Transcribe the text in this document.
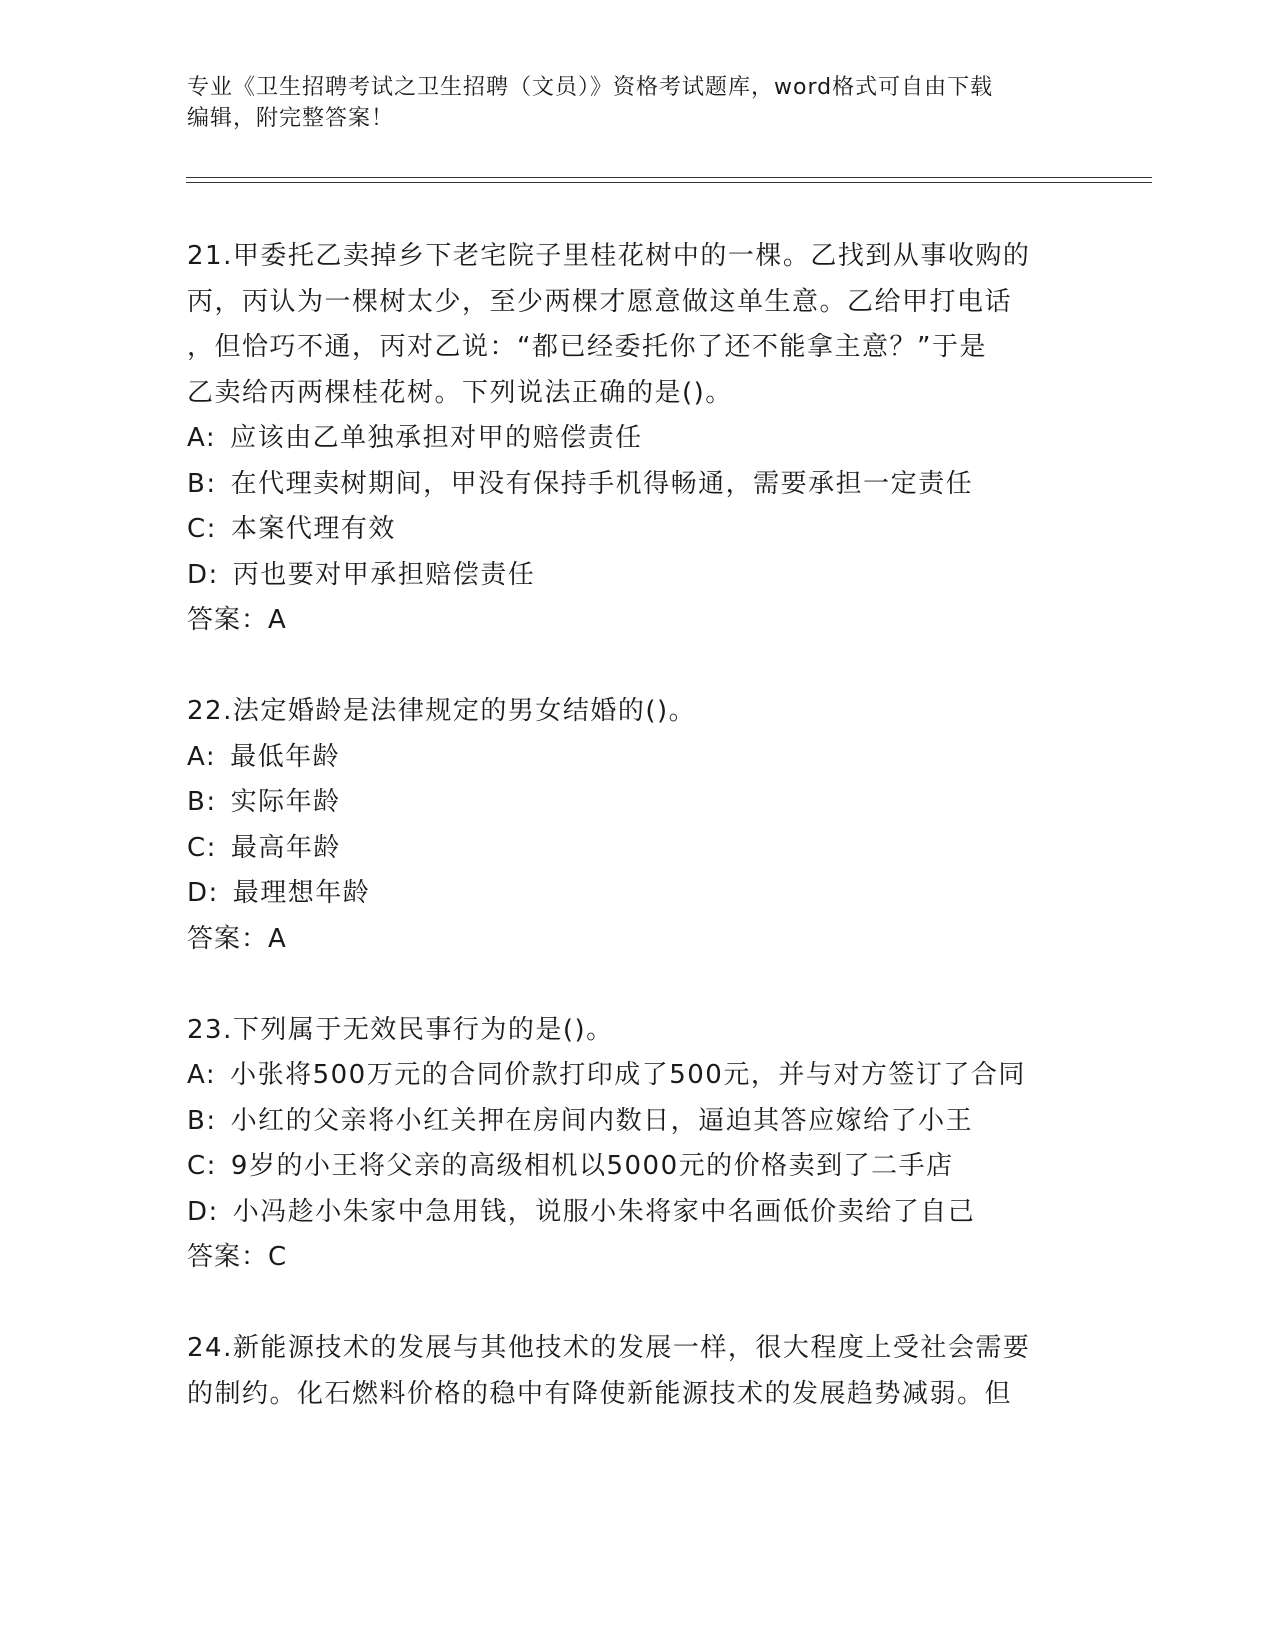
专业《卫生招聘考试之卫生招聘（文员）》资格考试题库，word格式可自由下载
编辑，附完整答案！
21.甲委托乙卖掉乡下老宅院子里桂花树中的一棵。乙找到从事收购的
丙，丙认为一棵树太少，至少两棵才愿意做这单生意。乙给甲打电话
，但恰巧不通，丙对乙说：“都已经委托你了还不能拿主意？”于是
乙卖给丙两棵桂花树。下列说法正确的是()。
A: 应该由乙单独承担对甲的赔偿责任
B: 在代理卖树期间，甲没有保持手机得畅通，需要承担一定责任
C: 本案代理有效
D: 丙也要对甲承担赔偿责任
答案：A
22.法定婚龄是法律规定的男女结婚的()。
A: 最低年龄
B: 实际年龄
C: 最高年龄
D: 最理想年龄
答案：A
23.下列属于无效民事行为的是()。
A: 小张将500万元的合同价款打印成了500元，并与对方签订了合同
B: 小红的父亲将小红关押在房间内数日，逼迫其答应嫁给了小王
C: 9岁的小王将父亲的高级相机以5000元的价格卖到了二手店
D: 小冯趁小朱家中急用钱，说服小朱将家中名画低价卖给了自己
答案：C
24.新能源技术的发展与其他技术的发展一样，很大程度上受社会需要
的制约。化石燃料价格的稳中有降使新能源技术的发展趋势减弱。但
